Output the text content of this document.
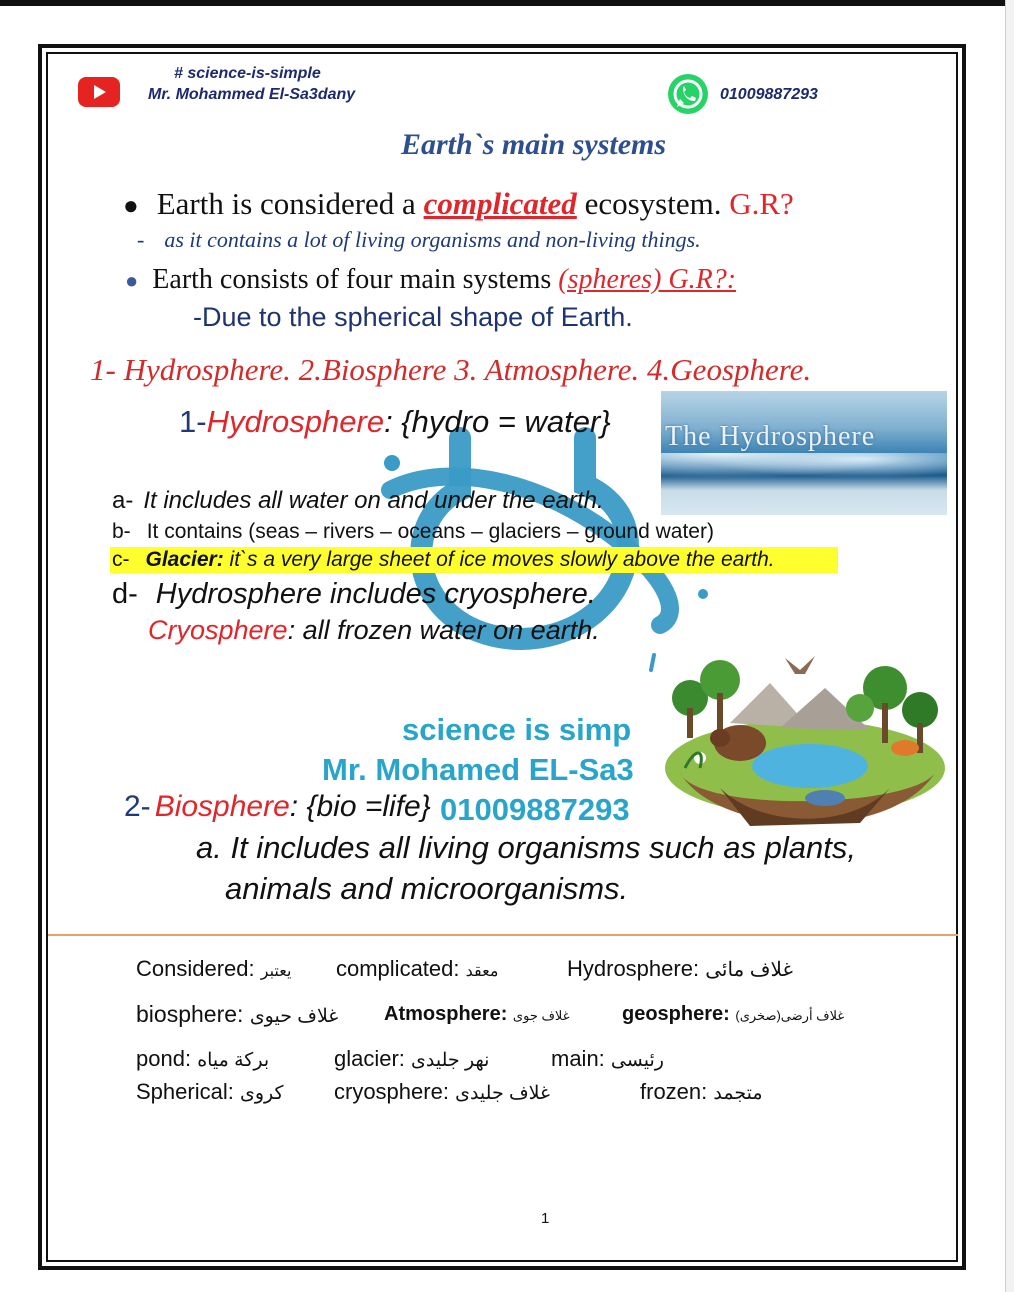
# science-is-simple
Mr. Mohammed El-Sa3dany	01009887293
Earth`s main systems
● Earth is considered a complicated ecosystem. G.R?
- as it contains a lot of living organisms and non-living things.
● Earth consists of four main systems (spheres) G.R?:
-Due to the spherical shape of Earth.
1- Hydrosphere. 2.Biosphere 3. Atmosphere. 4.Geosphere.
1-Hydrosphere: {hydro = water} The Hydrosphere
a- It includes all water on and under the earth.
b- It contains (seas – rivers – oceans – glaciers – ground water)
c- Glacier: it`s a very large sheet of ice moves slowly above the earth.
d- Hydrosphere includes cryosphere.
Cryosphere: all frozen water on earth.
science is simp
Mr. Mohamed EL-Sa3
01009887293
2- Biosphere: {bio =life}
a. It includes all living organisms such as plants,
animals and microorganisms.
Considered: يعتبر complicated: معقد	Hydrosphere: غلاف مائى
biosphere: غلاف حيوى Atmosphere: غلاف جوى	geosphere: غلاف أرضى(صخرى)
pond: بركة مياه	glacier: نهر جليدى	main: رئيسى
Spherical: كروى cryosphere: غلاف جليدى	frozen: متجمد
1
